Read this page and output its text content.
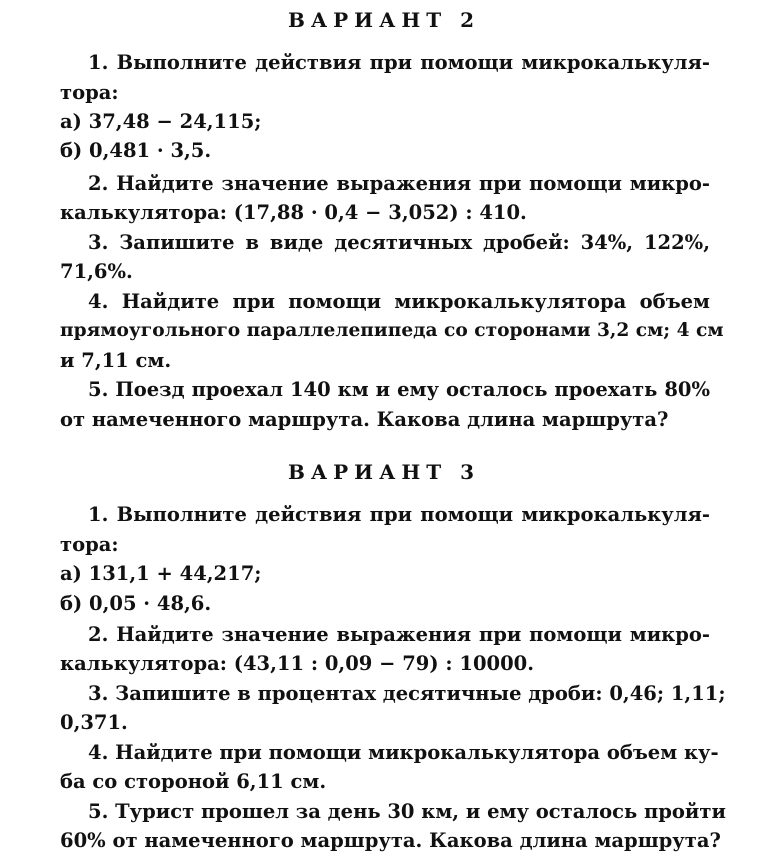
ВАРИАНТ 2
1. Выполните действия при помощи микрокалькуля-
тора:
а) 37,48 − 24,115;
б) 0,481 · 3,5.
2. Найдите значение выражения при помощи микро-
калькулятора: (17,88 · 0,4 − 3,052) : 410.
3. Запишите в виде десятичных дробей: 34%, 122%,
71,6%.
4. Найдите при помощи микрокалькулятора объем
прямоугольного параллелепипеда со сторонами 3,2 см; 4 см
и 7,11 см.
5. Поезд проехал 140 км и ему осталось проехать 80%
от намеченного маршрута. Какова длина маршрута?
ВАРИАНТ 3
1. Выполните действия при помощи микрокалькуля-
тора:
а) 131,1 + 44,217;
б) 0,05 · 48,6.
2. Найдите значение выражения при помощи микро-
калькулятора: (43,11 : 0,09 − 79) : 10000.
3. Запишите в процентах десятичные дроби: 0,46; 1,11;
0,371.
4. Найдите при помощи микрокалькулятора объем ку-
ба со стороной 6,11 см.
5. Турист прошел за день 30 км, и ему осталось пройти
60% от намеченного маршрута. Какова длина маршрута?
